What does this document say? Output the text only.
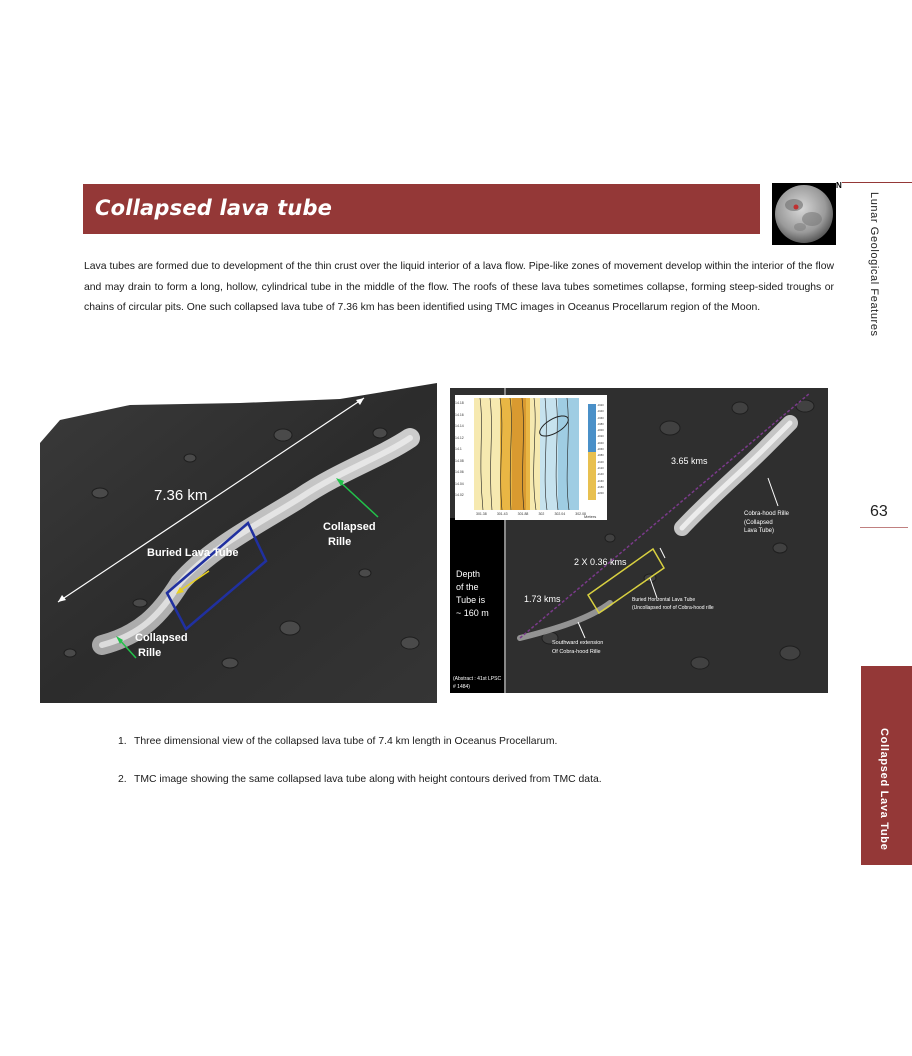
Collapsed lava tube
N
Lunar Geological Features
63
Collapsed Lava Tube
Lava tubes are formed due to development of the thin crust over the liquid interior of a lava flow. Pipe-like zones of movement develop within the interior of the flow and may drain to form a long, hollow, cylindrical tube in the middle of the flow. The roofs of these lava tubes sometimes collapse, forming steep-sided troughs or chains of circular pits. One such collapsed lava tube of 7.36 km has been identified using TMC images in Oceanus Procellarum region of the Moon.
7.36 km
Buried Lava Tube
Collapsed
Rille
Collapsed
Rille
14.18
14.16
14.14
14.12
14.1
14.08
14.06
14.04
14.02
301.38	301.43	301.88	302	302.04	302.08
-1920
-1940
-1960
-1980
-2000
-2020
-2040
-2060
-2080
-2100
-2120
-2140
-2160
-2180
-2200
Meters
3.65 kms
Cobra-hood Rille
(Collapsed
Lava Tube)
2 X 0.36 kms
Depth
of the
Tube is
~ 160 m
1.73 kms	Buried Horizontal Lava Tube
(Uncollapsed roof of Cobra-hood rille
Southward extension
Of Cobra-hood Rille
(Abstract : 41st LPSC
# 1484)
1. Three dimensional view of the collapsed lava tube of 7.4 km length in Oceanus Procellarum.
2. TMC image showing the same collapsed lava tube along with height contours derived from TMC data.
